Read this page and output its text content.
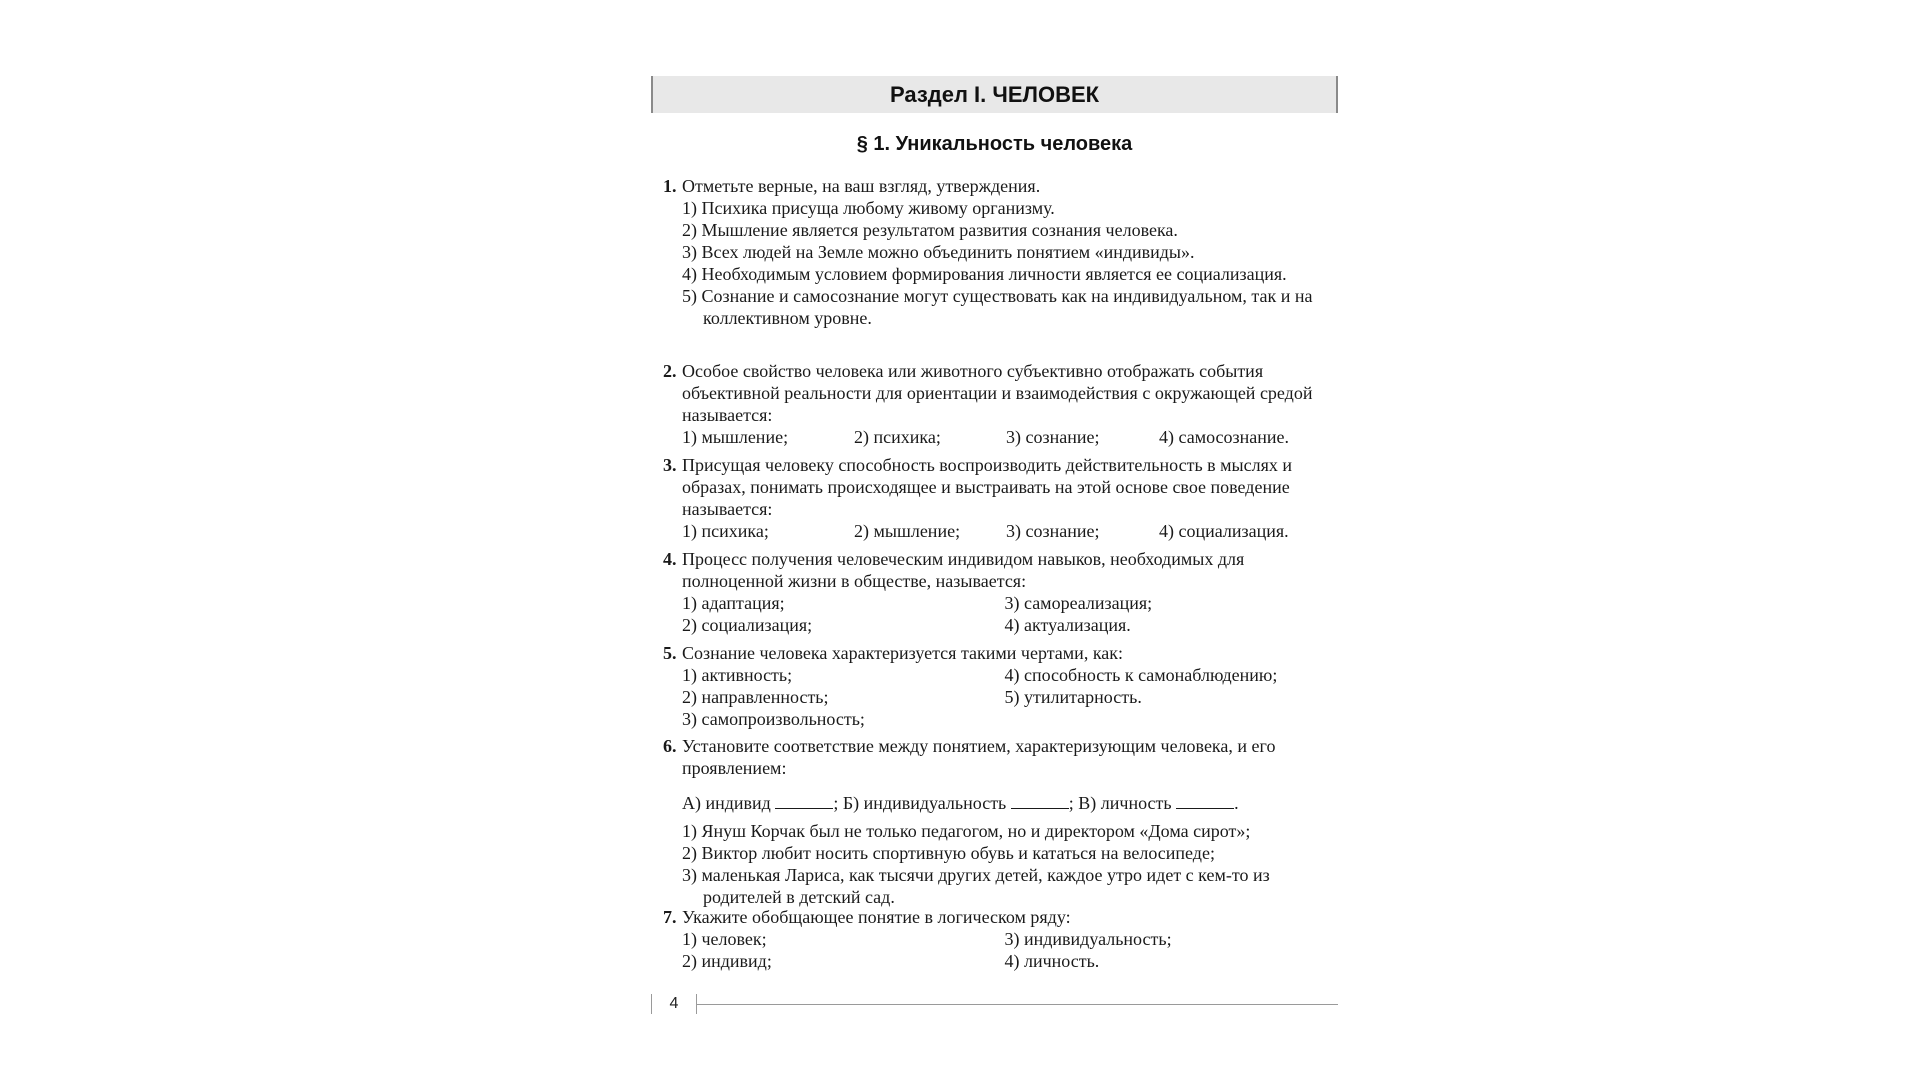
Раздел I. ЧЕЛОВЕК
§ 1. Уникальность человека
1. Отметьте верные, на ваш взгляд, утверждения.
1) Психика присуща любому живому организму.
2) Мышление является результатом развития сознания человека.
3) Всех людей на Земле можно объединить понятием «индивиды».
4) Необходимым условием формирования личности является ее социализация.
5) Сознание и самосознание могут существовать как на индивидуальном, так и на коллективном уровне.
2. Особое свойство человека или животного субъективно отображать события объективной реальности для ориентации и взаимодействия с окружающей средой называется:
1) мышление;	2) психика;	3) сознание;	4) самосознание.
3. Присущая человеку способность воспроизводить действительность в мыслях и образах, понимать происходящее и выстраивать на этой основе свое поведение называется:
1) психика;	2) мышление;	3) сознание;	4) социализация.
4. Процесс получения человеческим индивидом навыков, необходимых для полноценной жизни в обществе, называется:
1) адаптация;	3) самореализация;
2) социализация;	4) актуализация.
5. Сознание человека характеризуется такими чертами, как:
1) активность;	4) способность к самонаблюдению;
2) направленность;	5) утилитарность.
3) самопроизвольность;
6. Установите соответствие между понятием, характеризующим человека, и его проявлением:
А) индивид	; Б) индивидуальность	; В) личность	.
1) Януш Корчак был не только педагогом, но и директором «Дома сирот»;
2) Виктор любит носить спортивную обувь и кататься на велосипеде;
3) маленькая Лариса, как тысячи других детей, каждое утро идет с кем-то из родителей в детский сад.
7. Укажите обобщающее понятие в логическом ряду:
1) человек;	3) индивидуальность;
2) индивид;	4) личность.
4
